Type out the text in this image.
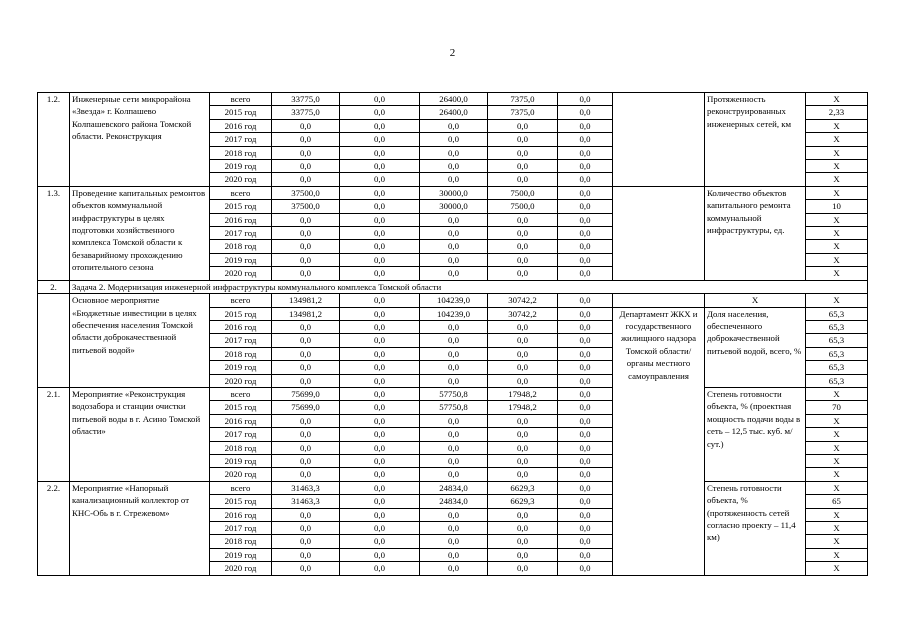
2
1.2.	Инженерные сети микрорайона «Звезда» г. Колпашево Колпашевского района Томской области. Реконструкция	всего	33775,0	0,0	26400,0	7375,0	0,0		Протяженность реконструированных инженерных сетей, км	X
		2015 год	33775,0	0,0	26400,0	7375,0	0,0			2,33
		2016 год	0,0	0,0	0,0	0,0	0,0			X
		2017 год	0,0	0,0	0,0	0,0	0,0			X
		2018 год	0,0	0,0	0,0	0,0	0,0			X
		2019 год	0,0	0,0	0,0	0,0	0,0			X
		2020 год	0,0	0,0	0,0	0,0	0,0			X
1.3.	Проведение капитальных ремонтов объектов коммунальной инфраструктуры в целях подготовки хозяйственного комплекса Томской области к безаварийному прохождению отопительного сезона	всего	37500,0	0,0	30000,0	7500,0	0,0		Количество объектов капитального ремонта коммунальной инфраструктуры, ед.	X
		2015 год	37500,0	0,0	30000,0	7500,0	0,0			10
		2016 год	0,0	0,0	0,0	0,0	0,0			X
		2017 год	0,0	0,0	0,0	0,0	0,0			X
		2018 год	0,0	0,0	0,0	0,0	0,0			X
		2019 год	0,0	0,0	0,0	0,0	0,0			X
		2020 год	0,0	0,0	0,0	0,0	0,0			X
2.	Задача 2. Модернизация инженерной инфраструктуры коммунального комплекса Томской области									
	Основное мероприятие «Бюджетные инвестиции в целях обеспечения населения Томской области доброкачественной питьевой водой»	всего	134981,2	0,0	104239,0	30742,2	0,0		X	X
		2015 год	134981,2	0,0	104239,0	30742,2	0,0	Департамент ЖКХ и государственного жилищного надзора Томской области/ органы местного самоуправления	Доля населения, обеспеченного доброкачественной питьевой водой, всего, %	65,3
		2016 год	0,0	0,0	0,0	0,0	0,0			65,3
		2017 год	0,0	0,0	0,0	0,0	0,0			65,3
		2018 год	0,0	0,0	0,0	0,0	0,0			65,3
		2019 год	0,0	0,0	0,0	0,0	0,0			65,3
		2020 год	0,0	0,0	0,0	0,0	0,0			65,3
2.1.	Мероприятие «Реконструкция водозабора и станции очистки питьевой воды в г. Асино Томской области»	всего	75699,0	0,0	57750,8	17948,2	0,0		Степень готовности объекта, % (проектная мощность подачи воды в сеть – 12,5 тыс. куб. м/сут.)	X
		2015 год	75699,0	0,0	57750,8	17948,2	0,0			70
		2016 год	0,0	0,0	0,0	0,0	0,0			X
		2017 год	0,0	0,0	0,0	0,0	0,0			X
		2018 год	0,0	0,0	0,0	0,0	0,0			X
		2019 год	0,0	0,0	0,0	0,0	0,0			X
		2020 год	0,0	0,0	0,0	0,0	0,0			X
2.2.	Мероприятие «Напорный канализационный коллектор от КНС-Обь в г. Стрежевом»	всего	31463,3	0,0	24834,0	6629,3	0,0		Степень готовности объекта, % (протяженность сетей согласно проекту – 11,4 км)	X
		2015 год	31463,3	0,0	24834,0	6629,3	0,0			65
		2016 год	0,0	0,0	0,0	0,0	0,0			X
		2017 год	0,0	0,0	0,0	0,0	0,0			X
		2018 год	0,0	0,0	0,0	0,0	0,0			X
		2019 год	0,0	0,0	0,0	0,0	0,0			X
		2020 год	0,0	0,0	0,0	0,0	0,0			X
